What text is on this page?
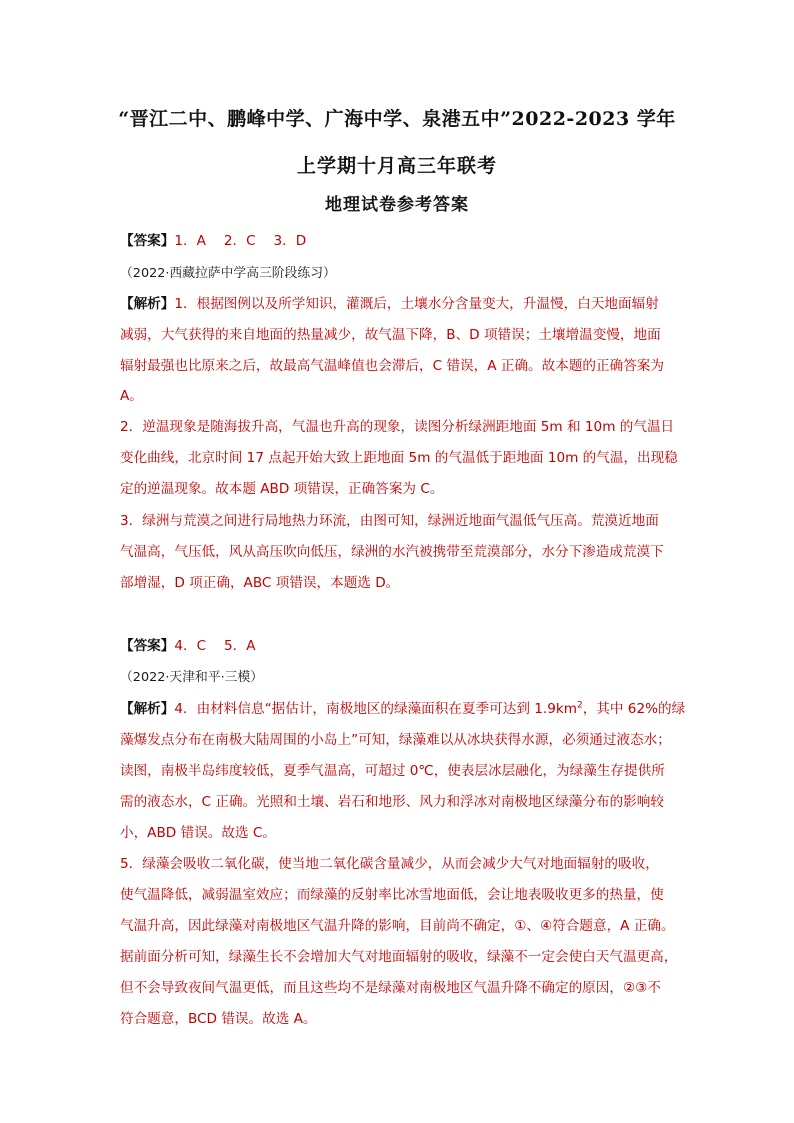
“晋江二中、鹏峰中学、广海中学、泉港五中”2022-2023 学年
上学期十月高三年联考
地理试卷参考答案
【答案】1．A　 2．C　 3．D
（2022·西藏拉萨中学高三阶段练习）
【解析】1．根据图例以及所学知识，灌溉后，土壤水分含量变大，升温慢，白天地面辐射
减弱，大气获得的来自地面的热量减少，故气温下降，B、D 项错误；土壤增温变慢，地面
辐射最强也比原来之后，故最高气温峰值也会滞后，C 错误，A 正确。故本题的正确答案为
A。
2．逆温现象是随海拔升高，气温也升高的现象，读图分析绿洲距地面 5m 和 10m 的气温日
变化曲线，北京时间 17 点起开始大致上距地面 5m 的气温低于距地面 10m 的气温，出现稳
定的逆温现象。故本题 ABD 项错误，正确答案为 C。
3．绿洲与荒漠之间进行局地热力环流，由图可知，绿洲近地面气温低气压高。荒漠近地面
气温高，气压低，风从高压吹向低压，绿洲的水汽被携带至荒漠部分，水分下渗造成荒漠下
部增湿，D 项正确，ABC 项错误，本题选 D。
【答案】4．C　 5．A
（2022·天津和平·三模）
【解析】4．由材料信息“据估计，南极地区的绿藻面积在夏季可达到 $1.9km^2$，其中 62%的绿
藻爆发点分布在南极大陆周围的小岛上”可知，绿藻难以从冰块获得水源，必须通过液态水；
读图，南极半岛纬度较低，夏季气温高，可超过 0℃，使表层冰层融化，为绿藻生存提供所
需的液态水，C 正确。光照和土壤、岩石和地形、风力和浮冰对南极地区绿藻分布的影响较
小，ABD 错误。故选 C。
5．绿藻会吸收二氧化碳，使当地二氧化碳含量减少，从而会减少大气对地面辐射的吸收，
使气温降低，减弱温室效应；而绿藻的反射率比冰雪地面低，会让地表吸收更多的热量，使
气温升高，因此绿藻对南极地区气温升降的影响，目前尚不确定，①、④符合题意，A 正确。
据前面分析可知，绿藻生长不会增加大气对地面辐射的吸收，绿藻不一定会使白天气温更高，
但不会导致夜间气温更低，而且这些均不是绿藻对南极地区气温升降不确定的原因，②③不
符合题意，BCD 错误。故选 A。
